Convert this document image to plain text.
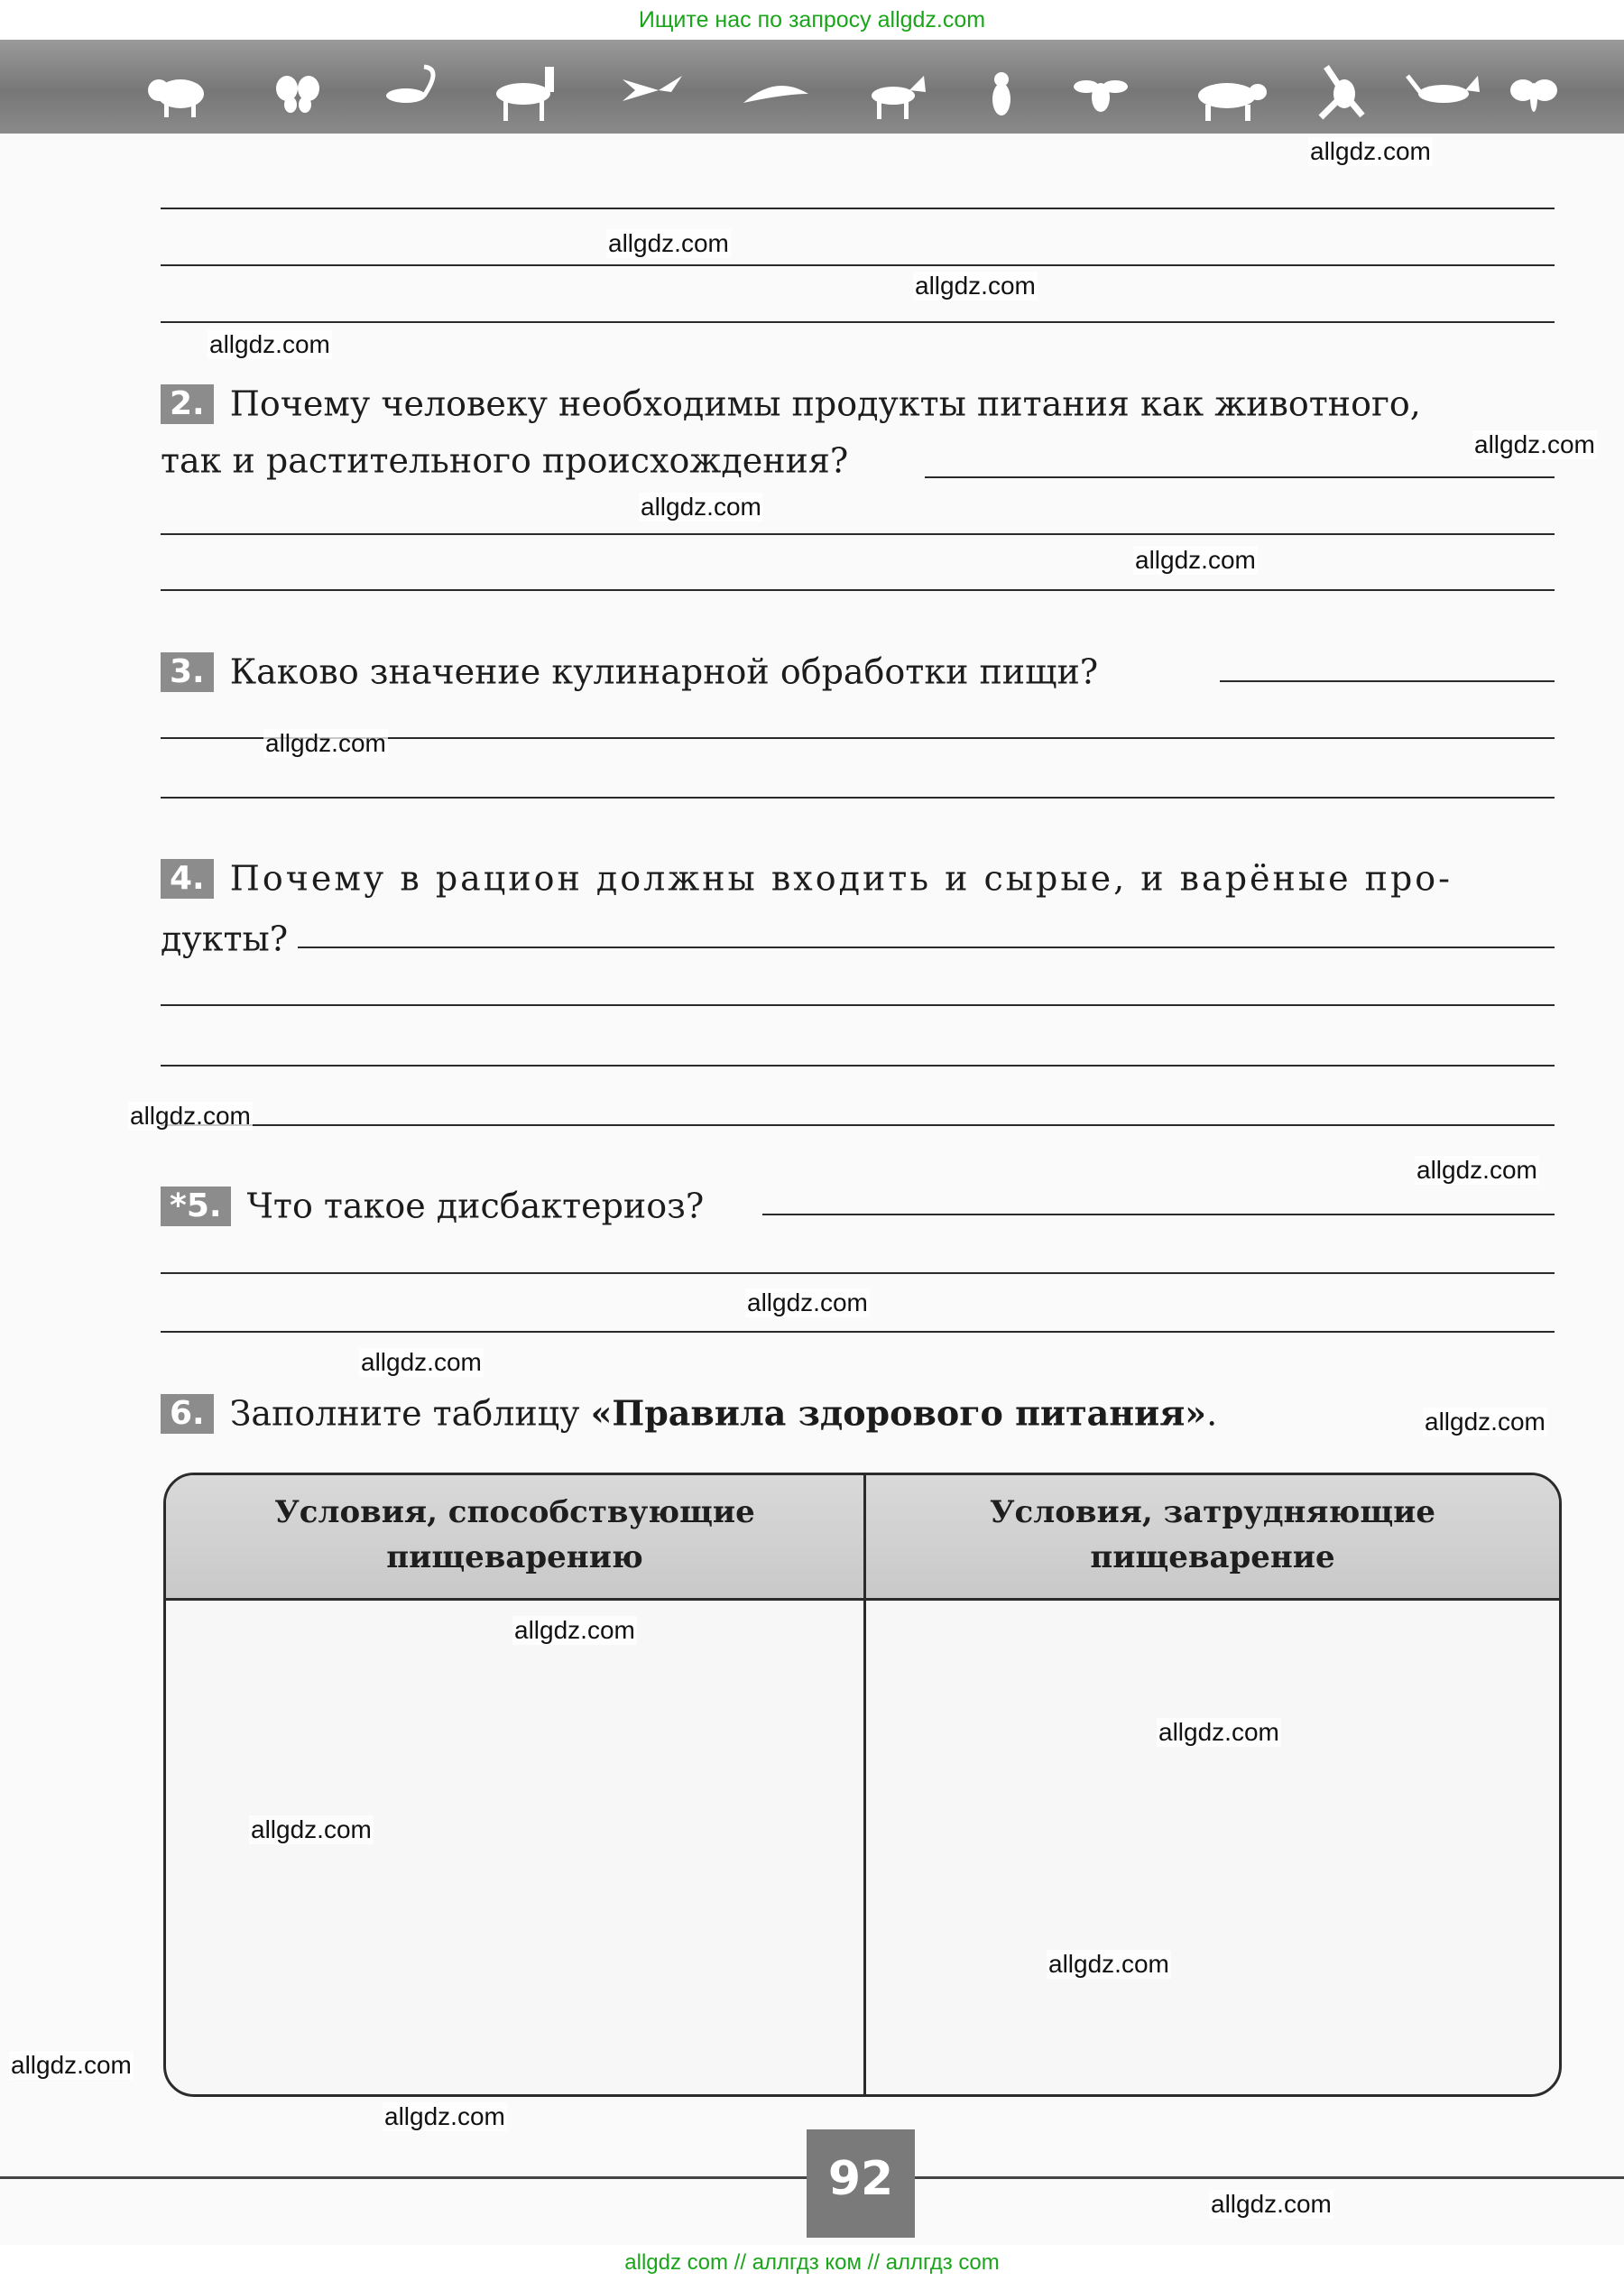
Ищите нас по запросу allgdz.com
2. Почему человеку необходимы продукты питания как животного,
так и растительного происхождения?
3. Каково значение кулинарной обработки пищи?
4. Почему в рацион должны входить и сырые, и варёные про-
дукты?
*5. Что такое дисбактериоз?
6. Заполните таблицу «Правила здорового питания».
Условия, способствующие пищеварению
Условия, затрудняющие пищеварение
92
allgdz.com
allgdz.com
allgdz.com
allgdz.com
allgdz.com
allgdz.com
allgdz.com
allgdz.com
allgdz.com
allgdz.com
allgdz.com
allgdz.com
allgdz.com
allgdz.com
allgdz.com
allgdz.com
allgdz.com
allgdz.com
allgdz.com
allgdz.com
allgdz com // аллгдз ком // аллгдз com
